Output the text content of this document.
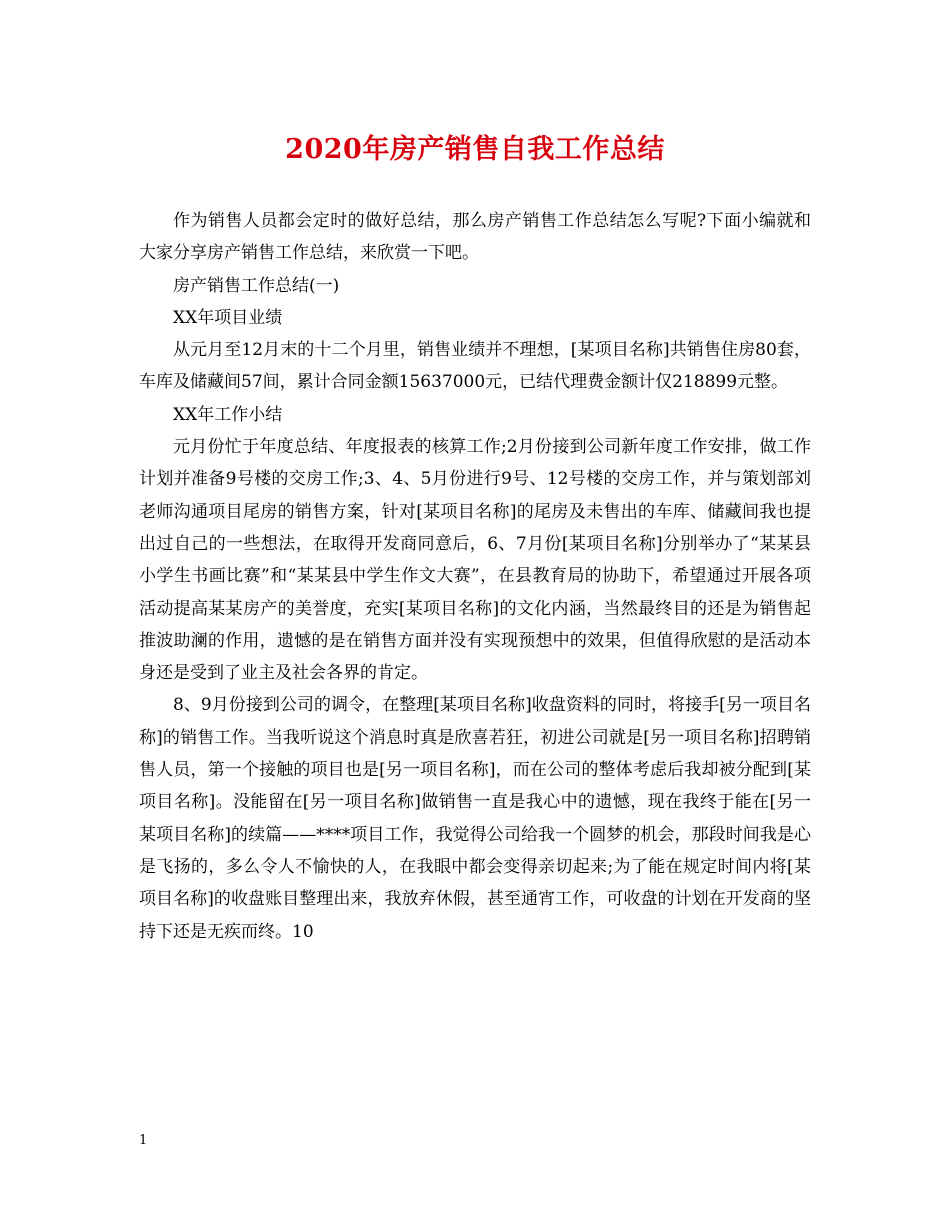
2020年房产销售自我工作总结

作为销售人员都会定时的做好总结，那么房产销售工作总结怎么写呢?下面小编就和大家分享房产销售工作总结，来欣赏一下吧。

房产销售工作总结(一)

XX年项目业绩

从元月至12月末的十二个月里，销售业绩并不理想，[某项目名称]共销售住房80套，车库及储藏间57间，累计合同金额15637000元，已结代理费金额计仅218899元整。

XX年工作小结

元月份忙于年度总结、年度报表的核算工作;2月份接到公司新年度工作安排，做工作计划并准备9号楼的交房工作;3、4、5月份进行9号、12号楼的交房工作，并与策划部刘老师沟通项目尾房的销售方案，针对[某项目名称]的尾房及未售出的车库、储藏间我也提出过自己的一些想法，在取得开发商同意后，6、7月份[某项目名称]分别举办了“某某县小学生书画比赛”和“某某县中学生作文大赛”，在县教育局的协助下，希望通过开展各项活动提高某某房产的美誉度，充实[某项目名称]的文化内涵，当然最终目的还是为销售起推波助澜的作用，遗憾的是在销售方面并没有实现预想中的效果，但值得欣慰的是活动本身还是受到了业主及社会各界的肯定。

8、9月份接到公司的调令，在整理[某项目名称]收盘资料的同时，将接手[另一项目名称]的销售工作。当我听说这个消息时真是欣喜若狂，初进公司就是[另一项目名称]招聘销售人员，第一个接触的项目也是[另一项目名称]，而在公司的整体考虑后我却被分配到[某项目名称]。没能留在[另一项目名称]做销售一直是我心中的遗憾，现在我终于能在[另一某项目名称]的续篇——****项目工作，我觉得公司给我一个圆梦的机会，那段时间我是心是飞扬的，多么令人不愉快的人，在我眼中都会变得亲切起来;为了能在规定时间内将[某项目名称]的收盘账目整理出来，我放弃休假，甚至通宵工作，可收盘的计划在开发商的坚持下还是无疾而终。10

1
